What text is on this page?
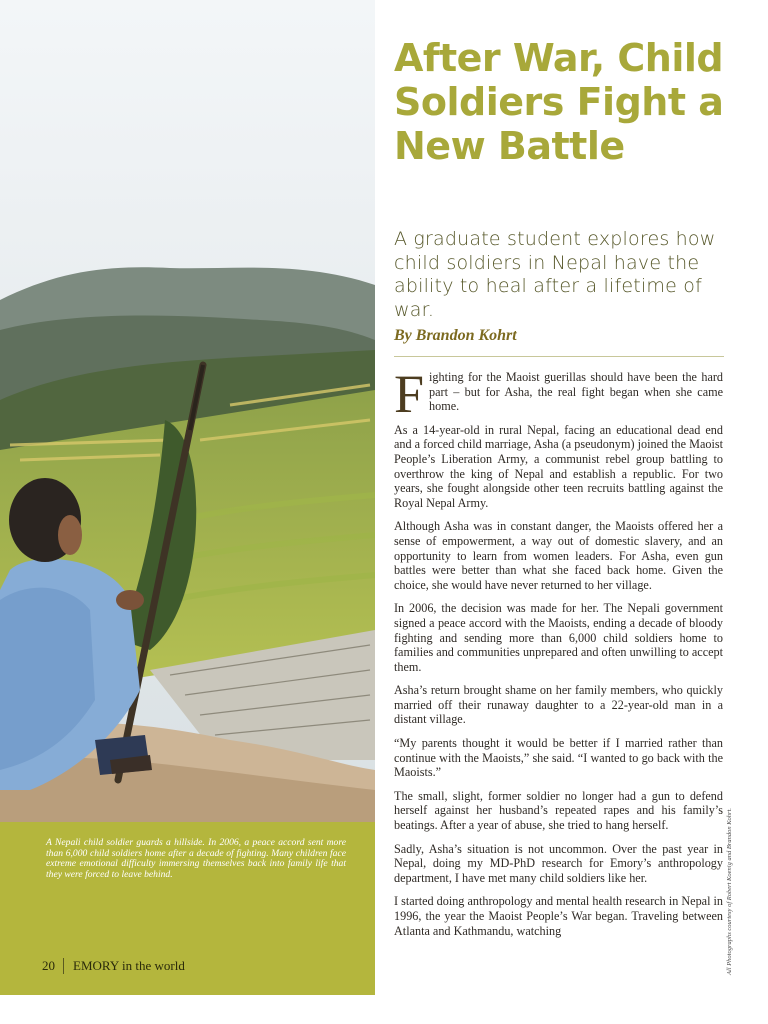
A Nepali child soldier guards a hillside. In 2006, a peace accord sent more than 6,000 child soldiers home after a decade of fighting. Many children face extreme emotional difficulty immersing themselves back into family life that they were forced to leave behind.

20 EMORY in the world
After War, Child Soldiers Fight a New Battle

A graduate student explores how child soldiers in Nepal have the ability to heal after a lifetime of war.

By Brandon Kohrt

Fighting for the Maoist guerillas should have been the hard part – but for Asha, the real fight began when she came home.

As a 14-year-old in rural Nepal, facing an educational dead end and a forced child marriage, Asha (a pseudonym) joined the Maoist People’s Liberation Army, a communist rebel group battling to overthrow the king of Nepal and establish a republic. For two years, she fought alongside other teen recruits battling against the Royal Nepal Army.

Although Asha was in constant danger, the Maoists offered her a sense of empowerment, a way out of domestic slavery, and an opportunity to learn from women leaders. For Asha, even gun battles were better than what she faced back home. Given the choice, she would have never returned to her village.

In 2006, the decision was made for her. The Nepali government signed a peace accord with the Maoists, ending a decade of bloody fighting and sending more than 6,000 child soldiers home to families and communities unprepared and often unwilling to accept them.

Asha’s return brought shame on her family members, who quickly married off their runaway daughter to a 22-year-old man in a distant village.

“My parents thought it would be better if I married rather than continue with the Maoists,” she said. “I wanted to go back with the Maoists.”

The small, slight, former soldier no longer had a gun to defend herself against her husband’s repeated rapes and his family’s beatings. After a year of abuse, she tried to hang herself.

Sadly, Asha’s situation is not uncommon. Over the past year in Nepal, doing my MD-PhD research for Emory’s anthropology department, I have met many child soldiers like her.

I started doing anthropology and mental health research in Nepal in 1996, the year the Maoist People’s War began. Traveling between Atlanta and Kathmandu, watching	All Photographs courtesy of Robert Koenig and Brandon Kohrt.
